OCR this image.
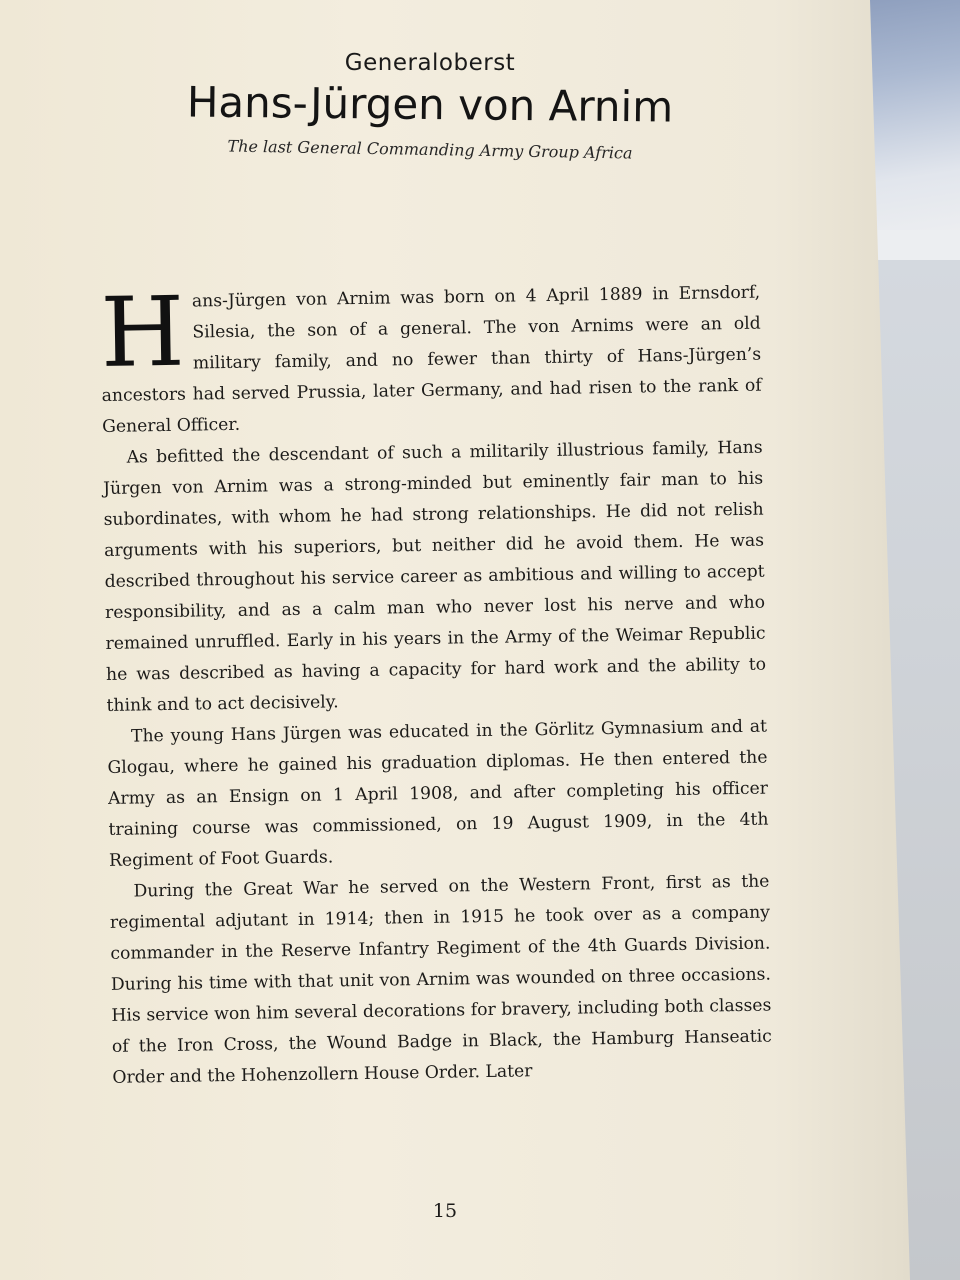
Generaloberst
Hans-Jürgen von Arnim
The last General Commanding Army Group Africa

H ans-Jürgen von Arnim was born on 4 April 1889 in Ernsdorf, Silesia, the son of a general. The von Arnims were an old military family, and no fewer than thirty of Hans-Jürgen’s ancestors had served Prussia, later Germany, and had risen to the rank of General Officer.

As befitted the descendant of such a militarily illustrious family, Hans Jürgen von Arnim was a strong-minded but eminently fair man to his subordinates, with whom he had strong relationships. He did not relish arguments with his superiors, but neither did he avoid them. He was described throughout his service career as ambitious and willing to accept responsibility, and as a calm man who never lost his nerve and who remained unruffled. Early in his years in the Army of the Weimar Republic he was described as having a capacity for hard work and the ability to think and to act decisively.

The young Hans Jürgen was educated in the Görlitz Gymnasium and at Glogau, where he gained his graduation diplomas. He then entered the Army as an Ensign on 1 April 1908, and after completing his officer training course was commissioned, on 19 August 1909, in the 4th Regiment of Foot Guards.

During the Great War he served on the Western Front, first as the regimental adjutant in 1914; then in 1915 he took over as a company commander in the Reserve Infantry Regiment of the 4th Guards Division. During his time with that unit von Arnim was wounded on three occasions. His service won him several decorations for bravery, including both classes of the Iron Cross, the Wound Badge in Black, the Hamburg Hanseatic Order and the Hohenzollern House Order. Later

15
